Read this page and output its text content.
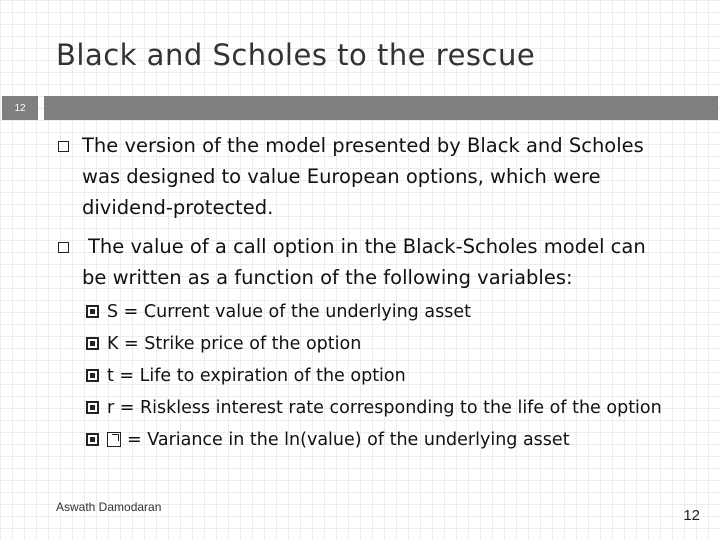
Black and Scholes to the rescue
12
The version of the model presented by Black and Scholes
was designed to value European options, which were
dividend-protected.
The value of a call option in the Black-Scholes model can
be written as a function of the following variables:
S = Current value of the underlying asset
K = Strike price of the option
t = Life to expiration of the option
r = Riskless interest rate corresponding to the life of the option
= Variance in the ln(value) of the underlying asset
Aswath Damodaran	12
